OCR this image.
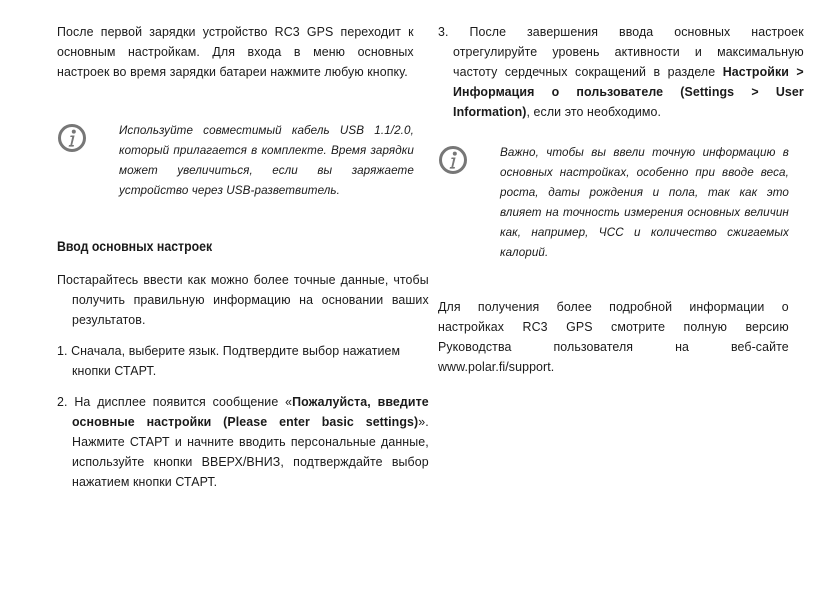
После первой зарядки устройство RC3 GPS переходит к основным настройкам. Для входа в меню основных настроек во время зарядки батареи нажмите любую кнопку.

Используйте совместимый кабель USB 1.1/2.0, который прилагается в комплекте. Время зарядки может увеличиться, если вы заряжаете устройство через USB-разветвитель.

Ввод основных настроек

Постарайтесь ввести как можно более точные данные, чтобы получить правильную информацию на основании ваших результатов.

1. Сначала, выберите язык. Подтвердите выбор нажатием кнопки СТАРТ.

2. На дисплее появится сообщение «Пожалуйста, введите основные настройки (Please enter basic settings)». Нажмите СТАРТ и начните вводить персональные данные, используйте кнопки ВВЕРХ/ВНИЗ, подтверждайте выбор нажатием кнопки СТАРТ.

3. После завершения ввода основных настроек отрегулируйте уровень активности и максимальную частоту сердечных сокращений в разделе Настройки > Информация о пользователе (Settings > User Information), если это необходимо.

Важно, чтобы вы ввели точную информацию в основных настройках, особенно при вводе веса, роста, даты рождения и пола, так как это влияет на точность измерения основных величин как, например, ЧСС и количество сжигаемых калорий.

Для получения более подробной информации о настройках RC3 GPS смотрите полную версию Руководства пользователя на веб-сайте www.polar.fi/support.
